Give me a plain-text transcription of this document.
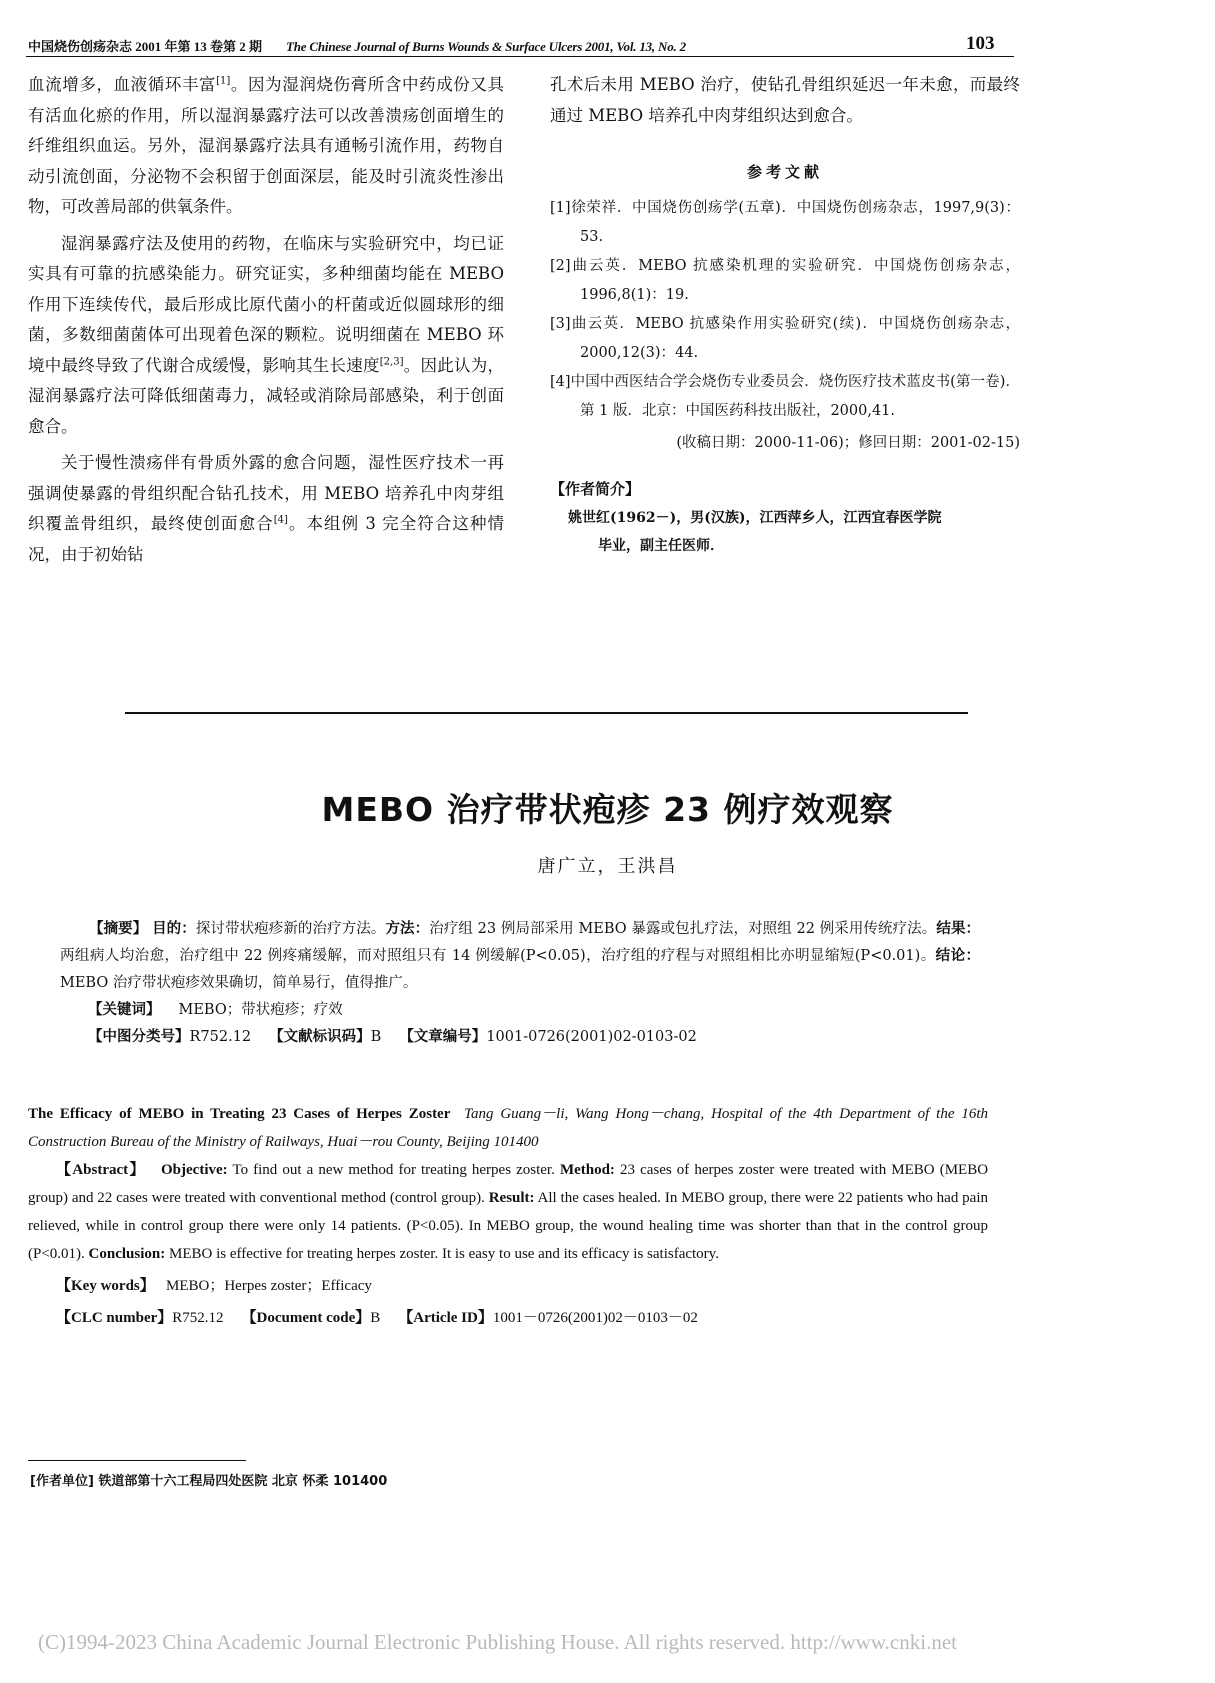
中国烧伤创疡杂志 2001 年第 13 卷第 2 期 The Chinese Journal of Burns Wounds & Surface Ulcers 2001, Vol. 13, No. 2	103

血流增多，血液循环丰富[1]。因为湿润烧伤膏所含中药成份又具有活血化瘀的作用，所以湿润暴露疗法可以改善溃疡创面增生的纤维组织血运。另外，湿润暴露疗法具有通畅引流作用，药物自动引流创面，分泌物不会积留于创面深层，能及时引流炎性渗出物，可改善局部的供氧条件。

湿润暴露疗法及使用的药物，在临床与实验研究中，均已证实具有可靠的抗感染能力。研究证实，多种细菌均能在 MEBO 作用下连续传代，最后形成比原代菌小的杆菌或近似圆球形的细菌，多数细菌菌体可出现着色深的颗粒。说明细菌在 MEBO 环境中最终导致了代谢合成缓慢，影响其生长速度[2,3]。因此认为，湿润暴露疗法可降低细菌毒力，减轻或消除局部感染，利于创面愈合。

关于慢性溃疡伴有骨质外露的愈合问题，湿性医疗技术一再强调使暴露的骨组织配合钻孔技术，用 MEBO 培养孔中肉芽组织覆盖骨组织，最终使创面愈合[4]。本组例 3 完全符合这种情况，由于初始钻

孔术后未用 MEBO 治疗，使钻孔骨组织延迟一年未愈，而最终通过 MEBO 培养孔中肉芽组织达到愈合。

参考文献
[1]徐荣祥．中国烧伤创疡学(五章)．中国烧伤创疡杂志，1997,9(3)：53.
[2]曲云英．MEBO 抗感染机理的实验研究．中国烧伤创疡杂志，1996,8(1)：19.
[3]曲云英．MEBO 抗感染作用实验研究(续)．中国烧伤创疡杂志，2000,12(3)：44.
[4]中国中西医结合学会烧伤专业委员会．烧伤医疗技术蓝皮书(第一卷)．第 1 版．北京：中国医药科技出版社，2000,41.
(收稿日期：2000-11-06)；修回日期：2001-02-15)
【作者简介】
姚世红(1962－)，男(汉族)，江西萍乡人，江西宜春医学院
毕业，副主任医师．
MEBO 治疗带状疱疹 23 例疗效观察
唐广立，王洪昌

【摘要】 目的：探讨带状疱疹新的治疗方法。方法：治疗组 23 例局部采用 MEBO 暴露或包扎疗法，对照组 22 例采用传统疗法。结果：两组病人均治愈，治疗组中 22 例疼痛缓解，而对照组只有 14 例缓解(P<0.05)，治疗组的疗程与对照组相比亦明显缩短(P<0.01)。结论：MEBO 治疗带状疱疹效果确切，简单易行，值得推广。

【关键词】 MEBO；带状疱疹；疗效

【中图分类号】R752.12 【文献标识码】B 【文章编号】1001-0726(2001)02-0103-02

The Efficacy of MEBO in Treating 23 Cases of Herpes Zoster Tang Guang－li, Wang Hong－chang, Hospital of the 4th Department of the 16th Construction Bureau of the Ministry of Railways, Huai－rou County, Beijing 101400

【Abstract】 Objective: To find out a new method for treating herpes zoster. Method: 23 cases of herpes zoster were treated with MEBO (MEBO group) and 22 cases were treated with conventional method (control group). Result: All the cases healed. In MEBO group, there were 22 patients who had pain relieved, while in control group there were only 14 patients. (P<0.05). In MEBO group, the wound healing time was shorter than that in the control group (P<0.01). Conclusion: MEBO is effective for treating herpes zoster. It is easy to use and its efficacy is satisfactory.

【Key words】 MEBO；Herpes zoster；Efficacy

【CLC number】R752.12 【Document code】B 【Article ID】1001－0726(2001)02－0103－02

[作者单位] 铁道部第十六工程局四处医院 北京 怀柔 101400
(C)1994-2023 China Academic Journal Electronic Publishing House. All rights reserved. http://www.cnki.net
